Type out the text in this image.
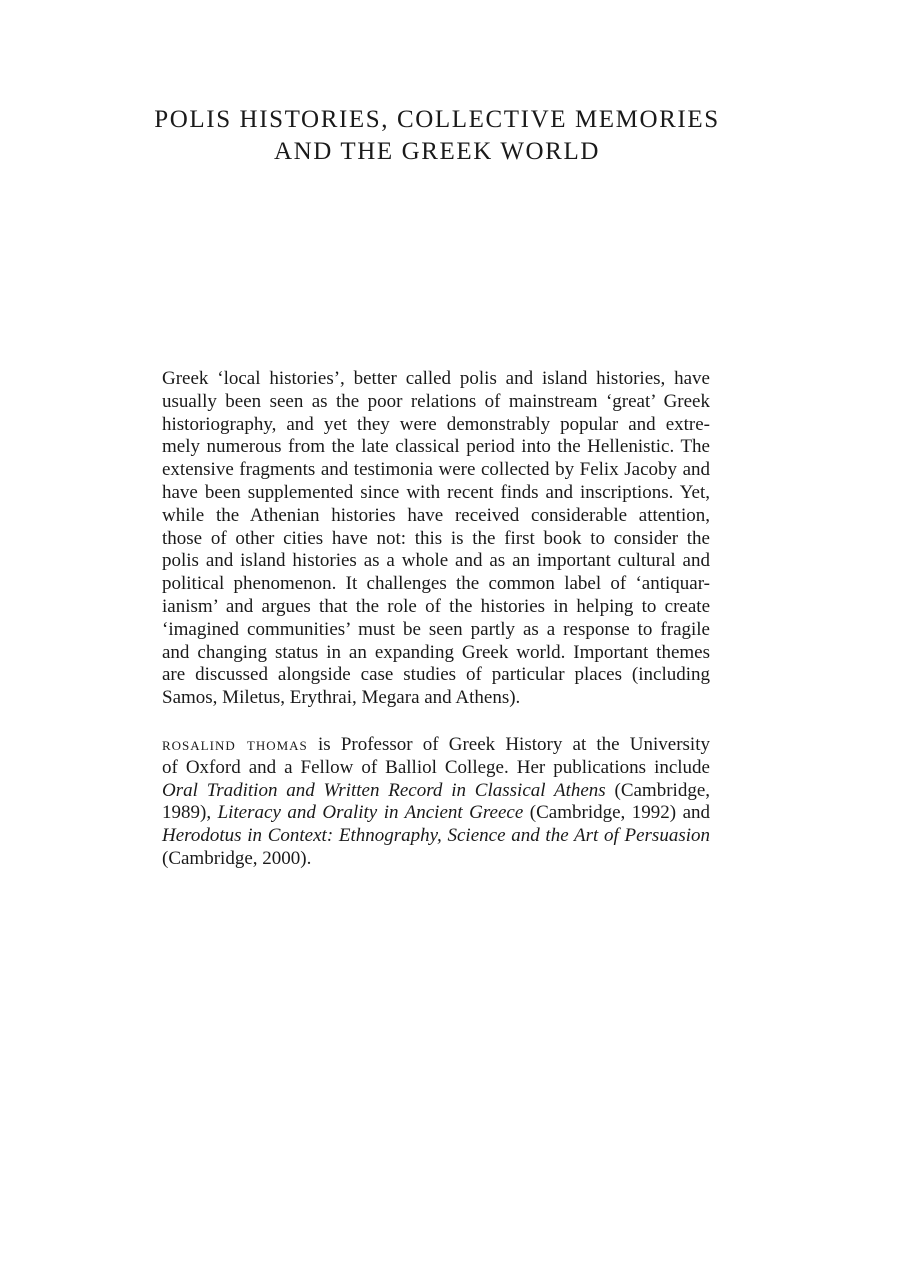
POLIS HISTORIES, COLLECTIVE MEMORIES
AND THE GREEK WORLD
Greek ‘local histories’, better called polis and island histories, have
usually been seen as the poor relations of mainstream ‘great’ Greek
historiography, and yet they were demonstrably popular and extre-
mely numerous from the late classical period into the Hellenistic. The
extensive fragments and testimonia were collected by Felix Jacoby and
have been supplemented since with recent finds and inscriptions. Yet,
while the Athenian histories have received considerable attention,
those of other cities have not: this is the first book to consider the
polis and island histories as a whole and as an important cultural and
political phenomenon. It challenges the common label of ‘antiquar-
ianism’ and argues that the role of the histories in helping to create
‘imagined communities’ must be seen partly as a response to fragile
and changing status in an expanding Greek world. Important themes
are discussed alongside case studies of particular places (including
Samos, Miletus, Erythrai, Megara and Athens).
rosalind thomas is Professor of Greek History at the University
of Oxford and a Fellow of Balliol College. Her publications include
Oral Tradition and Written Record in Classical Athens (Cambridge,
1989), Literacy and Orality in Ancient Greece (Cambridge, 1992) and
Herodotus in Context: Ethnography, Science and the Art of Persuasion
(Cambridge, 2000).
